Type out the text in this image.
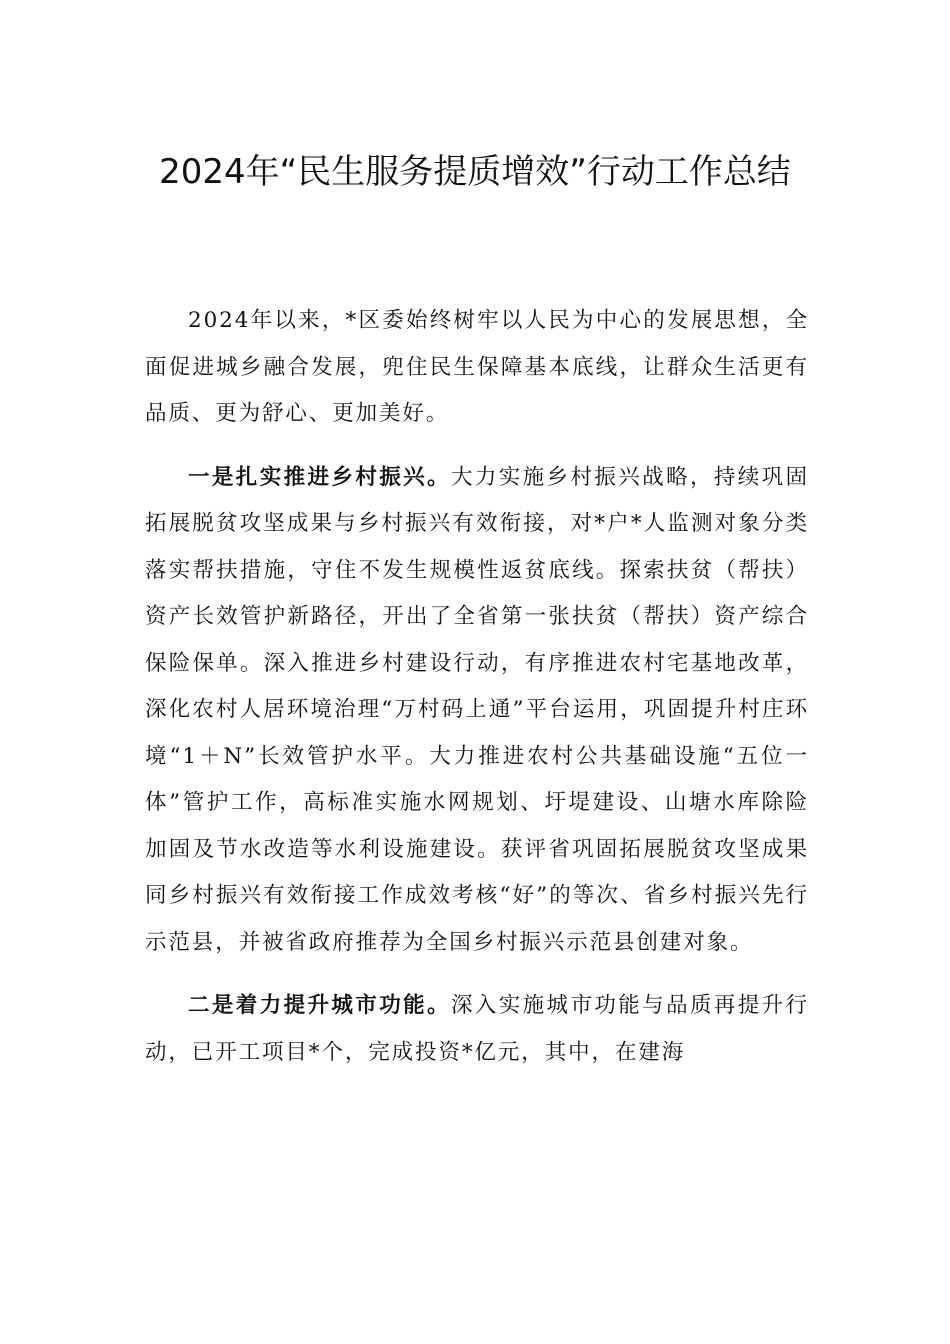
2024年“民生服务提质增效”行动工作总结

2024年以来，*区委始终树牢以人民为中心的发展思想，全面促进城乡融合发展，兜住民生保障基本底线，让群众生活更有品质、更为舒心、更加美好。

一是扎实推进乡村振兴。大力实施乡村振兴战略，持续巩固拓展脱贫攻坚成果与乡村振兴有效衔接，对*户*人监测对象分类落实帮扶措施，守住不发生规模性返贫底线。探索扶贫（帮扶）资产长效管护新路径，开出了全省第一张扶贫（帮扶）资产综合保险保单。深入推进乡村建设行动，有序推进农村宅基地改革，深化农村人居环境治理“万村码上通”平台运用，巩固提升村庄环境“1＋N”长效管护水平。大力推进农村公共基础设施“五位一体”管护工作，高标准实施水网规划、圩堤建设、山塘水库除险加固及节水改造等水利设施建设。获评省巩固拓展脱贫攻坚成果同乡村振兴有效衔接工作成效考核“好”的等次、省乡村振兴先行示范县，并被省政府推荐为全国乡村振兴示范县创建对象。

二是着力提升城市功能。深入实施城市功能与品质再提升行动，已开工项目*个，完成投资*亿元，其中，在建海
